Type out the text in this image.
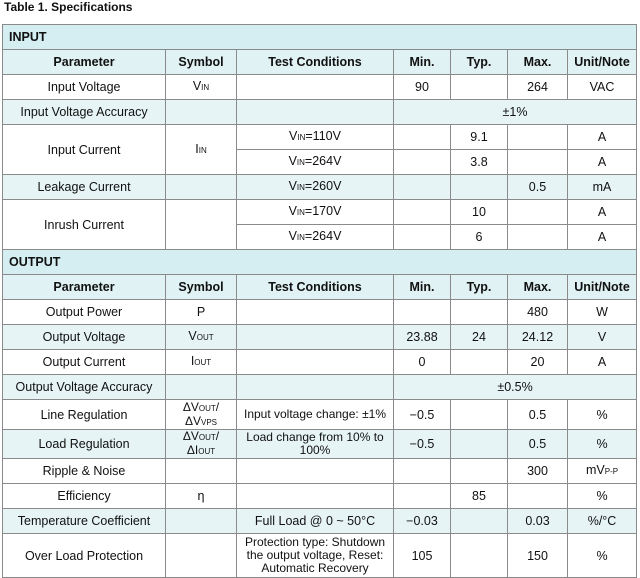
Table 1. Specifications
INPUT						
Parameter	Symbol	Test Conditions	Min.	Typ.	Max.	Unit/Note
Input Voltage	VIN		90		264	VAC
Input Voltage Accuracy			±1%			
Input Current	IIN	VIN=110V		9.1		A
		VIN=264V		3.8		A
Leakage Current		VIN=260V			0.5	mA
Inrush Current		VIN=170V		10		A
		VIN=264V		6		A
OUTPUT						
Parameter	Symbol	Test Conditions	Min.	Typ.	Max.	Unit/Note
Output Power	P				480	W
Output Voltage	VOUT		23.88	24	24.12	V
Output Current	IOUT		0		20	A
Output Voltage Accuracy			±0.5%			
Line Regulation	ΔVOUT/ΔVVPS	Input voltage change: ±1%	−0.5		0.5	%
Load Regulation	ΔVOUT/ΔIOUT	Load change from 10% to 100%	−0.5		0.5	%
Ripple & Noise					300	mVP-P
Efficiency	η			85		%
Temperature Coefficient		Full Load @ 0 ~ 50°C	−0.03		0.03	%/°C
Over Load Protection		Protection type: Shutdown the output voltage, Reset: Automatic Recovery	105		150	%
